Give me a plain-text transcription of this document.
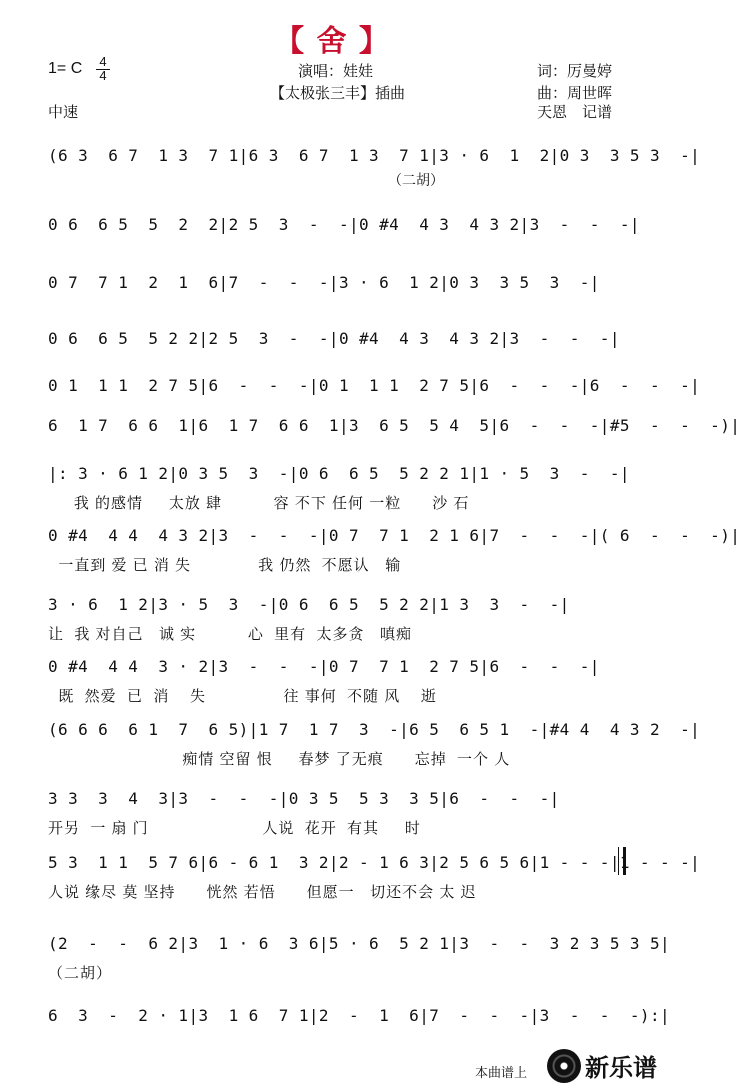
【 舍 】
1= C 4
4
中速
演唱：娃娃
【太极张三丰】插曲
词：厉曼婷
曲：周世晖
天恩　记谱
(6 3  6 7  1 3  7 1|6 3  6 7  1 3  7 1|3 · 6  1  2|0 3  3 5 3  -|
（二胡）
0 6  6 5  5  2  2|2 5  3  -  -|0 #4  4 3  4 3 2|3  -  -  -|
0 7  7 1  2  1  6|7  -  -  -|3 · 6  1 2|0 3  3 5  3  -|
0 6  6 5  5 2 2|2 5  3  -  -|0 #4  4 3  4 3 2|3  -  -  -|
0 1  1 1  2 7 5|6  -  -  -|0 1  1 1  2 7 5|6  -  -  -|6  -  -  -|
6  1 7  6 6  1|6  1 7  6 6  1|3  6 5  5 4  5|6  -  -  -|#5  -  -  -)|
|: 3 · 6 1 2|0 3 5  3  -|0 6  6 5  5 2 2 1|1 · 5  3  -  -|
我 的感情     太放 肆          容 不下 任何 一粒      沙 石
0 #4  4 4  4 3 2|3  -  -  -|0 7  7 1  2 1 6|7  -  -  -|( 6  -  -  -)|
一直到 爱 已 消 失             我 仍然  不愿认   输
3 · 6  1 2|3 · 5  3  -|0 6  6 5  5 2 2|1 3  3  -  -|
让  我 对自己   诚 实          心  里有  太多贪   嗔痴
0 #4  4 4  3 · 2|3  -  -  -|0 7  7 1  2 7 5|6  -  -  -|
既  然爱  已  消    失               往 事何  不随 风    逝
(6 6 6  6 1  7  6 5)|1 7  1 7  3  -|6 5  6 5 1  -|#4 4  4 3 2  -|
痴情 空留 恨     春梦 了无痕      忘掉  一个 人
3 3  3  4  3|3  -  -  -|0 3 5  5 3  3 5|6  -  -  -|
开另  一 扇 门                      人说  花开  有其     时
5 3  1 1  5 7 6|6 - 6 1  3 2|2 - 1 6 3|2 5 6 5 6|1 - - -|1 - - -|
人说 缘尽 莫 坚持      恍然 若悟      但愿一   切还不会 太 迟
(2  -  -  6 2|3  1 · 6  3 6|5 · 6  5 2 1|3  -  -  3 2 3 5 3 5|
（二胡）
6  3  -  2 · 1|3  1 6  7 1|2  -  1  6|7  -  -  -|3  -  -  -):|
本曲谱上 新乐谱
